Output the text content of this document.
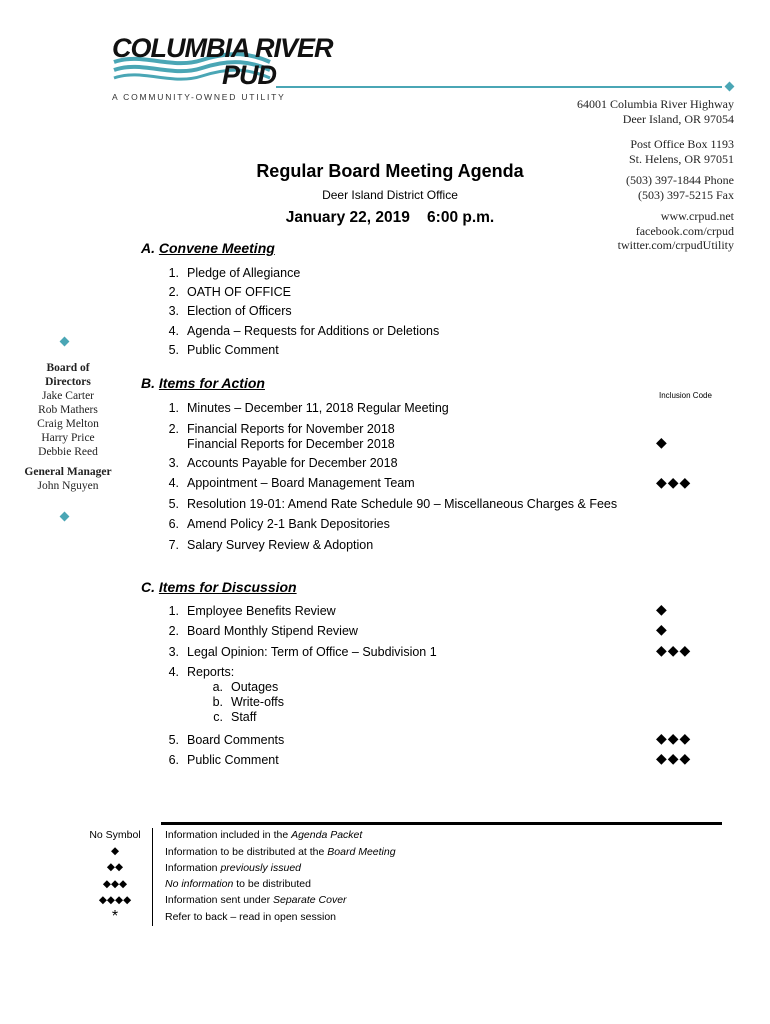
COLUMBIA RIVER
PUD
A COMMUNITY-OWNED UTILITY	64001 Columbia River Highway
Deer Island, OR 97054
Post Office Box 1193
St. Helens, OR 97051
(503) 397-1844 Phone
(503) 397-5215 Fax
www.crpud.net
facebook.com/crpud
twitter.com/crpudUtility
Regular Board Meeting Agenda
Deer Island District Office
January 22, 2019    6:00 p.m.
Board of
Directors
Jake Carter
Rob Mathers
Craig Melton
Harry Price
Debbie Reed

General Manager
John Nguyen
A. Convene Meeting
1. Pledge of Allegiance
2. OATH OF OFFICE
3. Election of Officers
4. Agenda – Requests for Additions or Deletions
5. Public Comment
B. Items for Action
Inclusion Code
1. Minutes – December 11, 2018 Regular Meeting
2. Financial Reports for November 2018
Financial Reports for December 2018	◆
3. Accounts Payable for December 2018
4. Appointment – Board Management Team	◆◆◆
5. Resolution 19-01: Amend Rate Schedule 90 – Miscellaneous Charges & Fees
6. Amend Policy 2-1 Bank Depositories
7. Salary Survey Review & Adoption
C. Items for Discussion
1. Employee Benefits Review	◆
2. Board Monthly Stipend Review	◆
3. Legal Opinion: Term of Office – Subdivision 1	◆◆◆
4. Reports:
a. Outages
b. Write-offs
c. Staff
5. Board Comments	◆◆◆
6. Public Comment	◆◆◆
No Symbol	Information included in the Agenda Packet
◆	Information to be distributed at the Board Meeting
◆◆	Information previously issued
◆◆◆	No information to be distributed
◆◆◆◆	Information sent under Separate Cover
*	Refer to back – read in open session
